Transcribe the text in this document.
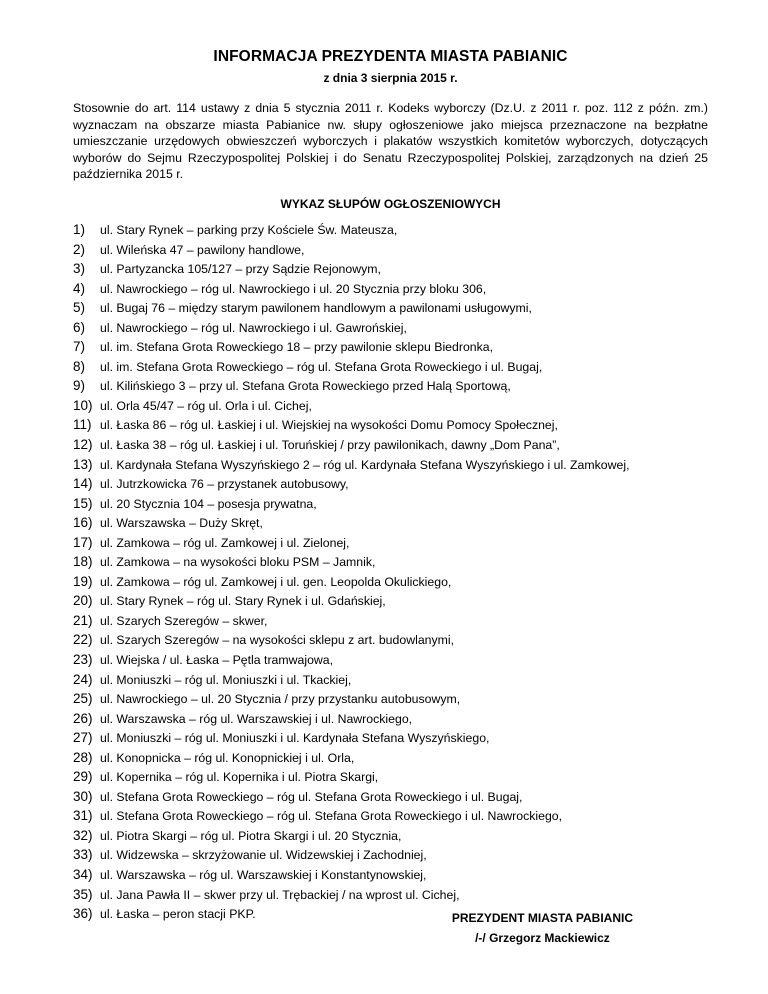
INFORMACJA PREZYDENTA MIASTA PABIANIC
z dnia 3 sierpnia 2015 r.

Stosownie do art. 114 ustawy z dnia 5 stycznia 2011 r. Kodeks wyborczy (Dz.U. z 2011 r. poz. 112 z późn. zm.) wyznaczam na obszarze miasta Pabianice nw. słupy ogłoszeniowe jako miejsca przeznaczone na bezpłatne umieszczanie urzędowych obwieszczeń wyborczych i plakatów wszystkich komitetów wyborczych, dotyczących wyborów do Sejmu Rzeczypospolitej Polskiej i do Senatu Rzeczypospolitej Polskiej, zarządzonych na dzień 25 października 2015 r.

WYKAZ SŁUPÓW OGŁOSZENIOWYCH
1)	ul. Stary Rynek – parking przy Kościele Św. Mateusza,
2)	ul. Wileńska 47 – pawilony handlowe,
3)	ul. Partyzancka 105/127 – przy Sądzie Rejonowym,
4)	ul. Nawrockiego – róg ul. Nawrockiego i ul. 20 Stycznia przy bloku 306,
5)	ul. Bugaj 76 – między starym pawilonem handlowym a pawilonami usługowymi,
6)	ul. Nawrockiego – róg ul. Nawrockiego i ul. Gawrońskiej,
7)	ul. im. Stefana Grota Roweckiego 18 – przy pawilonie sklepu Biedronka,
8)	ul. im. Stefana Grota Roweckiego – róg ul. Stefana Grota Roweckiego i ul. Bugaj,
9)	ul. Kilińskiego 3 – przy ul. Stefana Grota Roweckiego przed Halą Sportową,
10) ul. Orla 45/47 – róg ul. Orla i ul. Cichej,
11) ul. Łaska 86 – róg ul. Łaskiej i ul. Wiejskiej na wysokości Domu Pomocy Społecznej,
12) ul. Łaska 38 – róg ul. Łaskiej i ul. Toruńskiej / przy pawilonikach, dawny „Dom Pana”,
13) ul. Kardynała Stefana Wyszyńskiego 2 – róg ul. Kardynała Stefana Wyszyńskiego i ul. Zamkowej,
14) ul. Jutrzkowicka 76 – przystanek autobusowy,
15) ul. 20 Stycznia 104 – posesja prywatna,
16) ul. Warszawska – Duży Skręt,
17) ul. Zamkowa – róg ul. Zamkowej i ul. Zielonej,
18) ul. Zamkowa – na wysokości bloku PSM – Jamnik,
19) ul. Zamkowa – róg ul. Zamkowej i ul. gen. Leopolda Okulickiego,
20) ul. Stary Rynek – róg ul. Stary Rynek i ul. Gdańskiej,
21) ul. Szarych Szeregów – skwer,
22) ul. Szarych Szeregów – na wysokości sklepu z art. budowlanymi,
23) ul. Wiejska / ul. Łaska – Pętla tramwajowa,
24) ul. Moniuszki – róg ul. Moniuszki i ul. Tkackiej,
25) ul. Nawrockiego – ul. 20 Stycznia / przy przystanku autobusowym,
26) ul. Warszawska – róg ul. Warszawskiej i ul. Nawrockiego,
27) ul. Moniuszki – róg ul. Moniuszki i ul. Kardynała Stefana Wyszyńskiego,
28) ul. Konopnicka – róg ul. Konopnickiej i ul. Orla,
29) ul. Kopernika – róg ul. Kopernika i ul. Piotra Skargi,
30) ul. Stefana Grota Roweckiego – róg ul. Stefana Grota Roweckiego i ul. Bugaj,
31) ul. Stefana Grota Roweckiego – róg ul. Stefana Grota Roweckiego i ul. Nawrockiego,
32) ul. Piotra Skargi – róg ul. Piotra Skargi i ul. 20 Stycznia,
33) ul. Widzewska – skrzyżowanie ul. Widzewskiej i Zachodniej,
34) ul. Warszawska – róg ul. Warszawskiej i Konstantynowskiej,
35) ul. Jana Pawła II – skwer przy ul. Trębackiej / na wprost ul. Cichej,
36) ul. Łaska – peron stacji PKP.	PREZYDENT MIASTA PABIANIC
/-/ Grzegorz Mackiewicz
